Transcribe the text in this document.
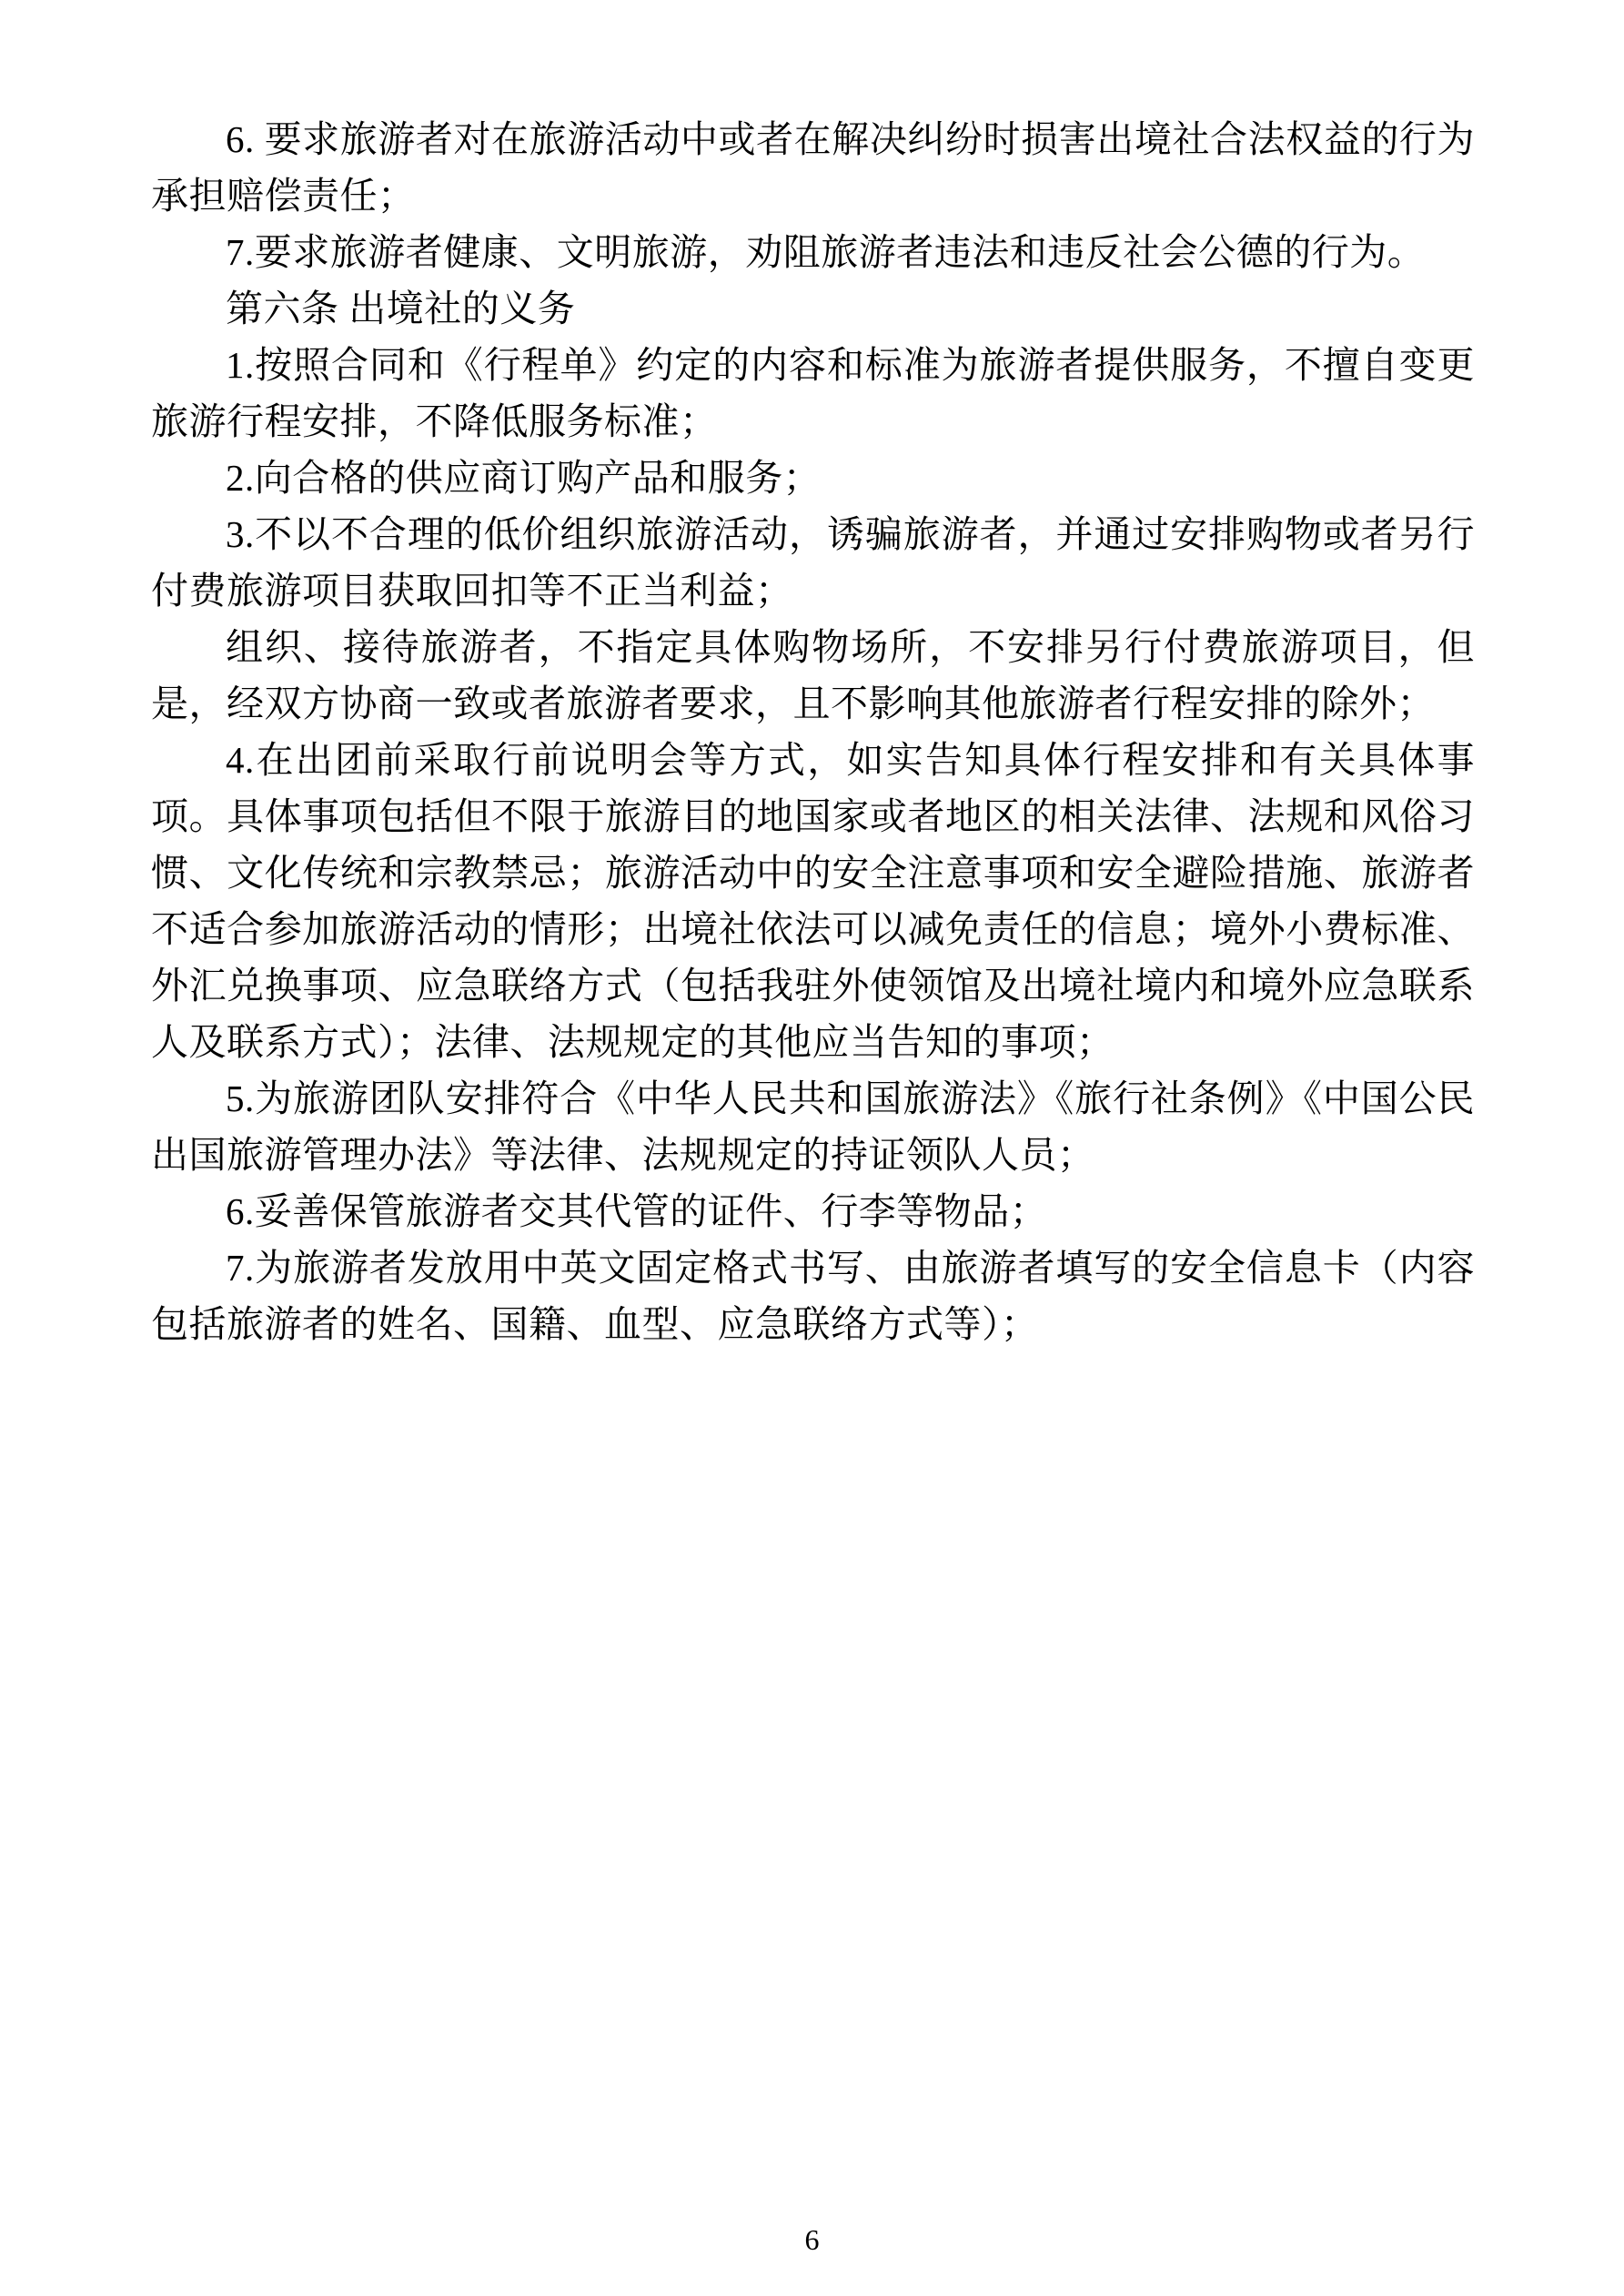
6. 要求旅游者对在旅游活动中或者在解决纠纷时损害出境社合法权益的行为承担赔偿责任；

7.要求旅游者健康、文明旅游，劝阻旅游者违法和违反社会公德的行为。

第六条 出境社的义务

1.按照合同和《行程单》约定的内容和标准为旅游者提供服务，不擅自变更旅游行程安排，不降低服务标准；

2.向合格的供应商订购产品和服务；

3.不以不合理的低价组织旅游活动，诱骗旅游者，并通过安排购物或者另行付费旅游项目获取回扣等不正当利益；

组织、接待旅游者，不指定具体购物场所，不安排另行付费旅游项目，但是，经双方协商一致或者旅游者要求，且不影响其他旅游者行程安排的除外；

4.在出团前采取行前说明会等方式，如实告知具体行程安排和有关具体事项。具体事项包括但不限于旅游目的地国家或者地区的相关法律、法规和风俗习惯、文化传统和宗教禁忌；旅游活动中的安全注意事项和安全避险措施、旅游者不适合参加旅游活动的情形；出境社依法可以减免责任的信息；境外小费标准、外汇兑换事项、应急联络方式（包括我驻外使领馆及出境社境内和境外应急联系人及联系方式）；法律、法规规定的其他应当告知的事项；

5.为旅游团队安排符合《中华人民共和国旅游法》《旅行社条例》《中国公民出国旅游管理办法》等法律、法规规定的持证领队人员；

6.妥善保管旅游者交其代管的证件、行李等物品；

7.为旅游者发放用中英文固定格式书写、由旅游者填写的安全信息卡（内容包括旅游者的姓名、国籍、血型、应急联络方式等）；

6
